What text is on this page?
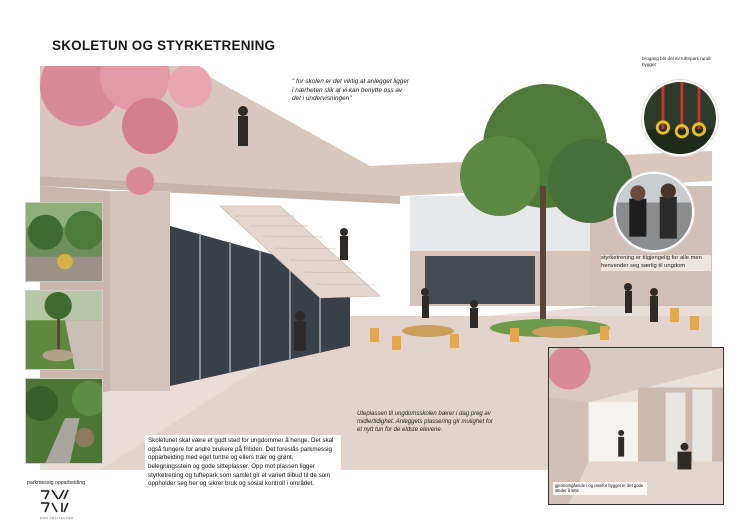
SKOLETUN OG STYRKETRENING
" for skolen er det viktig at anlegget ligger i nærheten slik at vi kan benytte oss av det i undervisningen"
parkmessig opparbeiding
DRM ARKITEKTER
Skoletunet skal være et godt sted for ungdommer å henge. Det skal også fungere for andre brukere på fritiden. Det foreslås parkmessig opparbeiding med eget tuntre og ellers trær og grønt, belegningsstein og gode sitteplasser. Opp mot plassen ligger styrketrening og tuftepark som samlet gir et variert tilbud til de som oppholder seg her og sikrer bruk og sosial kontroll i området.
Uteplassen til ungdomsskolen bærer i dag preg av midlertidighet. Anleggets plassering gir mulighet for et nytt tun for de eldste elevene.
brogang blir del av tuftepark rundt bygget
styrketrening er tilgjengelig for alle men henvender seg særlig til ungdom
gjennomgående i og utenfor bygget er det gode steder å sitte
